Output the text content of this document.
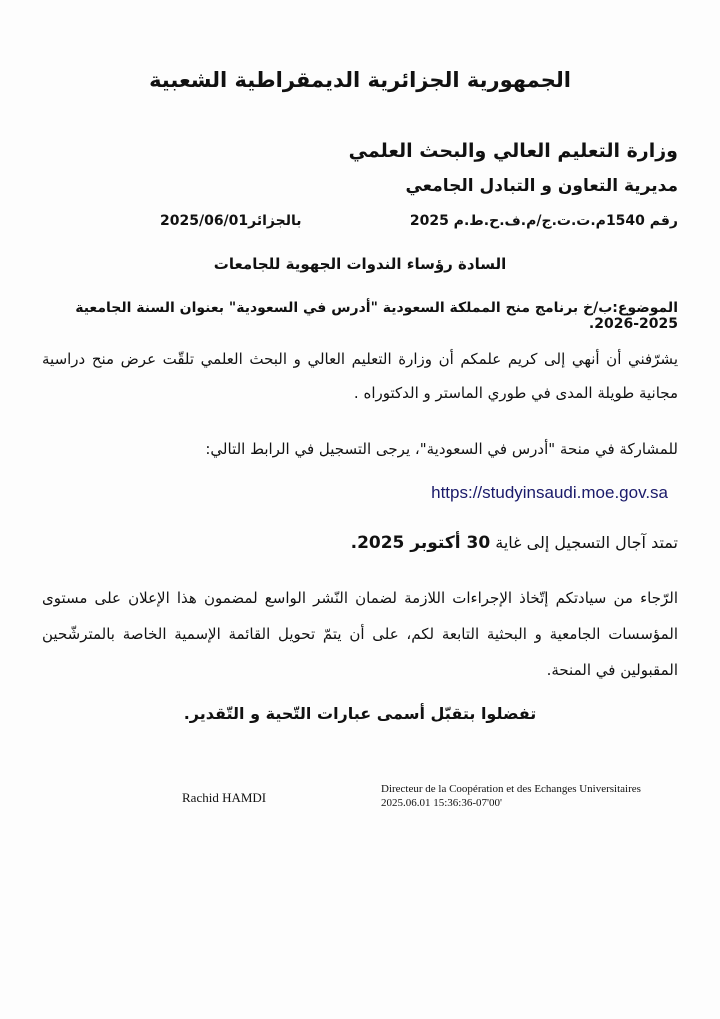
الجمهورية الجزائرية الديمقراطية الشعبية
وزارة التعليم العالي والبحث العلمي
مديرية التعاون و التبادل الجامعي
رقم 1540م.ت.ت.ج/م.ف.ح.ط.م 2025
بالجزائر2025/06/01
السادة رؤساء الندوات الجهوية للجامعات
الموضوع:ب/خ برنامج منح المملكة السعودية "أدرس في السعودية" بعنوان السنة الجامعية 2025-2026.
يشرّفني أن أنهي إلى كريم علمكم أن وزارة التعليم العالي و البحث العلمي تلقّت عرض منح دراسية مجانية طويلة المدى في طوري الماستر و الدكتوراه .
للمشاركة في منحة "أدرس في السعودية"، يرجى التسجيل في الرابط التالي:
https://studyinsaudi.moe.gov.sa
تمتد آجال التسجيل إلى غاية 30 أكتوبر 2025.
الرّجاء من سيادتكم إتّخاذ الإجراءات اللازمة لضمان النّشر الواسع لمضمون هذا الإعلان على مستوى المؤسسات الجامعية و البحثية التابعة لكم، على أن يتمّ تحويل القائمة الإسمية الخاصة بالمترشّحين المقبولين في المنحة.
تفضلوا بتقبّل أسمى عبارات التّحية و التّقدير.
Rachid HAMDI
Directeur de la Coopération et des Echanges Universitaires
2025.06.01 15:36:36-07'00'
